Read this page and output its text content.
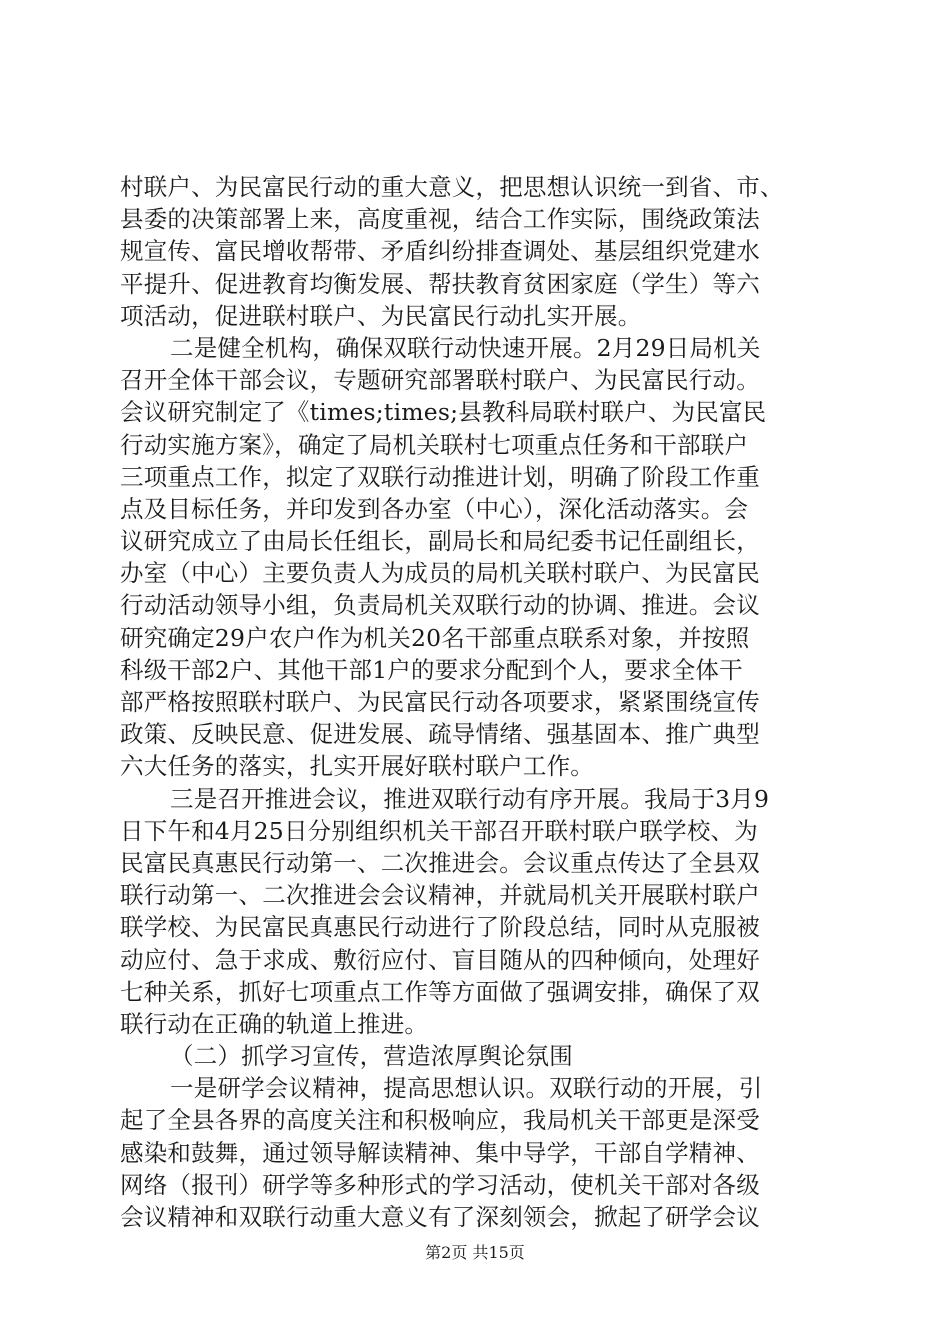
村联户、为民富民行动的重大意义，把思想认识统一到省、市、
县委的决策部署上来，高度重视，结合工作实际，围绕政策法
规宣传、富民增收帮带、矛盾纠纷排查调处、基层组织党建水
平提升、促进教育均衡发展、帮扶教育贫困家庭（学生）等六
项活动，促进联村联户、为民富民行动扎实开展。
二是健全机构，确保双联行动快速开展。2月29日局机关
召开全体干部会议，专题研究部署联村联户、为民富民行动。
会议研究制定了《times;times;县教科局联村联户、为民富民
行动实施方案》，确定了局机关联村七项重点任务和干部联户
三项重点工作，拟定了双联行动推进计划，明确了阶段工作重
点及目标任务，并印发到各办室（中心），深化活动落实。会
议研究成立了由局长任组长，副局长和局纪委书记任副组长，
办室（中心）主要负责人为成员的局机关联村联户、为民富民
行动活动领导小组，负责局机关双联行动的协调、推进。会议
研究确定29户农户作为机关20名干部重点联系对象，并按照
科级干部2户、其他干部1户的要求分配到个人，要求全体干
部严格按照联村联户、为民富民行动各项要求，紧紧围绕宣传
政策、反映民意、促进发展、疏导情绪、强基固本、推广典型
六大任务的落实，扎实开展好联村联户工作。
三是召开推进会议，推进双联行动有序开展。我局于3月9
日下午和4月25日分别组织机关干部召开联村联户联学校、为
民富民真惠民行动第一、二次推进会。会议重点传达了全县双
联行动第一、二次推进会会议精神，并就局机关开展联村联户
联学校、为民富民真惠民行动进行了阶段总结，同时从克服被
动应付、急于求成、敷衍应付、盲目随从的四种倾向，处理好
七种关系，抓好七项重点工作等方面做了强调安排，确保了双
联行动在正确的轨道上推进。
（二）抓学习宣传，营造浓厚舆论氛围
一是研学会议精神，提高思想认识。双联行动的开展，引
起了全县各界的高度关注和积极响应，我局机关干部更是深受
感染和鼓舞，通过领导解读精神、集中导学，干部自学精神、
网络（报刊）研学等多种形式的学习活动，使机关干部对各级
会议精神和双联行动重大意义有了深刻领会，掀起了研学会议
第2页 共15页
